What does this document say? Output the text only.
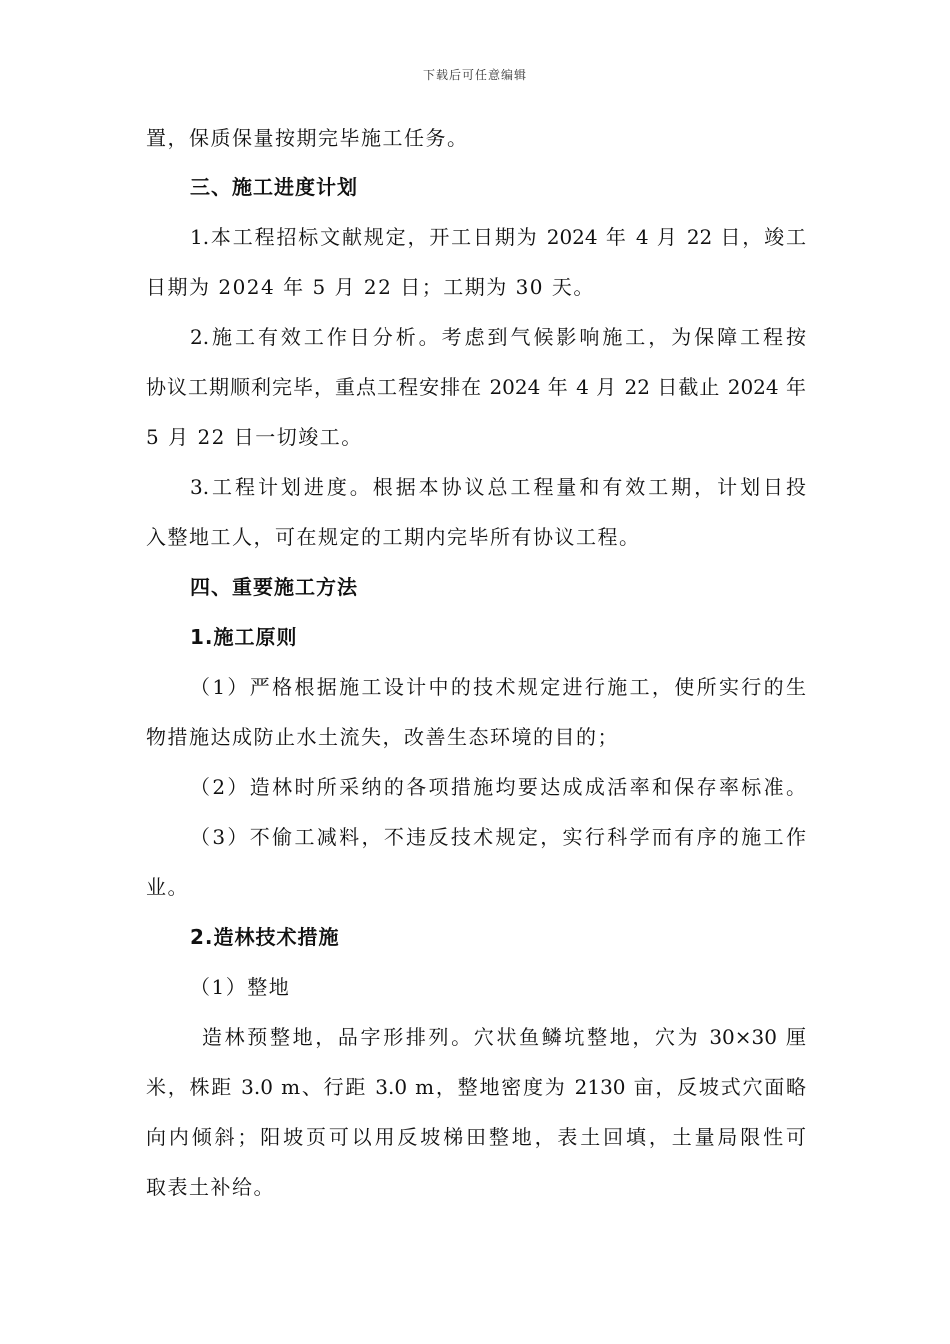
下载后可任意编辑
置，保质保量按期完毕施工任务。
三、施工进度计划
1.本工程招标文献规定，开工日期为 2024 年 4 月 22 日，竣工
日期为 2024 年 5 月 22 日；工期为 30 天。
2.施工有效工作日分析。考虑到气候影响施工，为保障工程按
协议工期顺利完毕，重点工程安排在 2024 年 4 月 22 日截止 2024 年
5 月 22 日一切竣工。
3.工程计划进度。根据本协议总工程量和有效工期，计划日投
入整地工人，可在规定的工期内完毕所有协议工程。
四、重要施工方法
1.施工原则
（1）严格根据施工设计中的技术规定进行施工，使所实行的生
物措施达成防止水土流失，改善生态环境的目的；
（2）造林时所采纳的各项措施均要达成成活率和保存率标准。
（3）不偷工减料，不违反技术规定，实行科学而有序的施工作
业。
2.造林技术措施
（1）整地
造林预整地，品字形排列。穴状鱼鳞坑整地，穴为 30×30 厘
米，株距 3.0 m、行距 3.0 m，整地密度为 2130 亩，反坡式穴面略
向内倾斜；阳坡页可以用反坡梯田整地，表土回填，土量局限性可
取表土补给。
